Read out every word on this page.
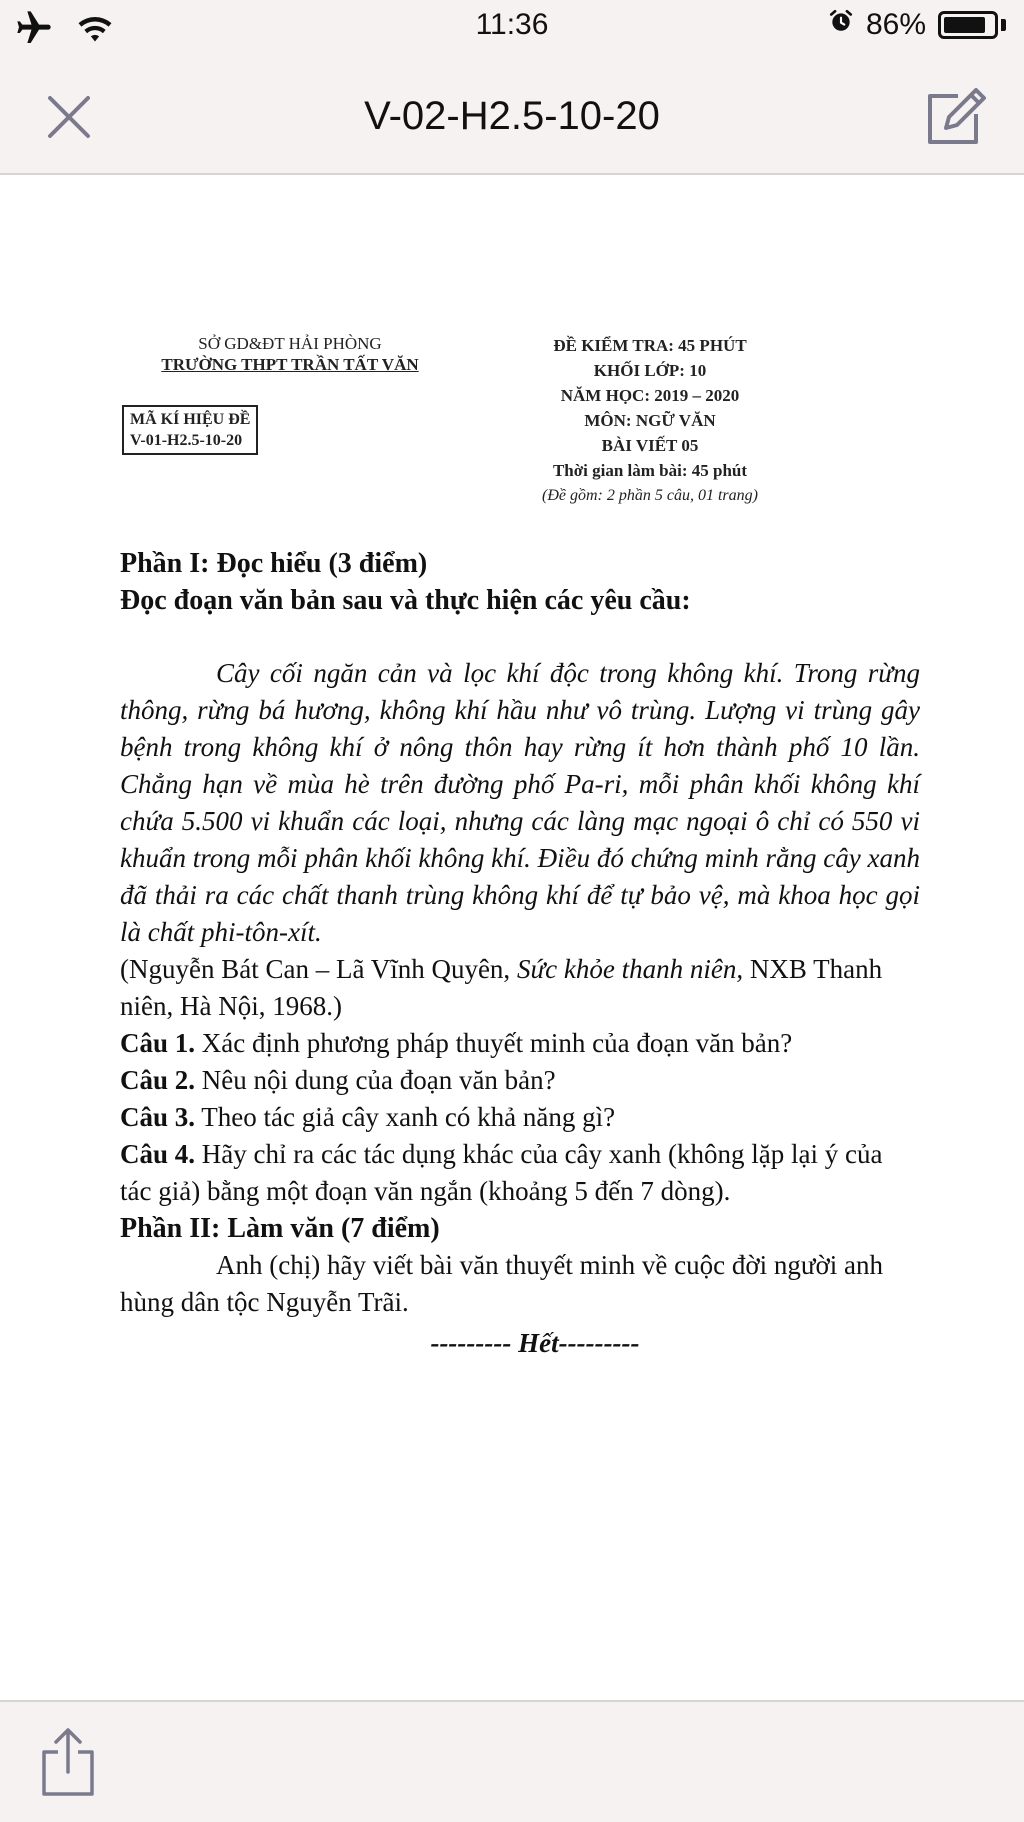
11:36	86%
V-02-H2.5-10-20
SỞ GD&ĐT HẢI PHÒNG
TRƯỜNG THPT TRẦN TẤT VĂN
MÃ KÍ HIỆU ĐỀ
V-01-H2.5-10-20
ĐỀ KIỂM TRA: 45 PHÚT
KHỐI LỚP: 10
NĂM HỌC: 2019 – 2020
MÔN: NGỮ VĂN
BÀI VIẾT 05
Thời gian làm bài: 45 phút
(Đề gồm: 2 phần 5 câu, 01 trang)

Phần I: Đọc hiểu (3 điểm)

Đọc đoạn văn bản sau và thực hiện các yêu cầu:

Cây cối ngăn cản và lọc khí độc trong không khí. Trong rừng thông, rừng bá hương, không khí hầu như vô trùng. Lượng vi trùng gây bệnh trong không khí ở nông thôn hay rừng ít hơn thành phố 10 lần. Chẳng hạn về mùa hè trên đường phố Pa-ri, mỗi phân khối không khí chứa 5.500 vi khuẩn các loại, nhưng các làng mạc ngoại ô chỉ có 550 vi khuẩn trong mỗi phân khối không khí. Điều đó chứng minh rằng cây xanh đã thải ra các chất thanh trùng không khí để tự bảo vệ, mà khoa học gọi là chất phi-tôn-xít.

(Nguyễn Bát Can – Lã Vĩnh Quyên, Sức khỏe thanh niên, NXB Thanh niên, Hà Nội, 1968.)

Câu 1. Xác định phương pháp thuyết minh của đoạn văn bản?

Câu 2. Nêu nội dung của đoạn văn bản?

Câu 3. Theo tác giả cây xanh có khả năng gì?

Câu 4. Hãy chỉ ra các tác dụng khác của cây xanh (không lặp lại ý của tác giả) bằng một đoạn văn ngắn (khoảng 5 đến 7 dòng).

Phần II: Làm văn (7 điểm)

Anh (chị) hãy viết bài văn thuyết minh về cuộc đời người anh hùng dân tộc Nguyễn Trãi.

--------- Hết---------
